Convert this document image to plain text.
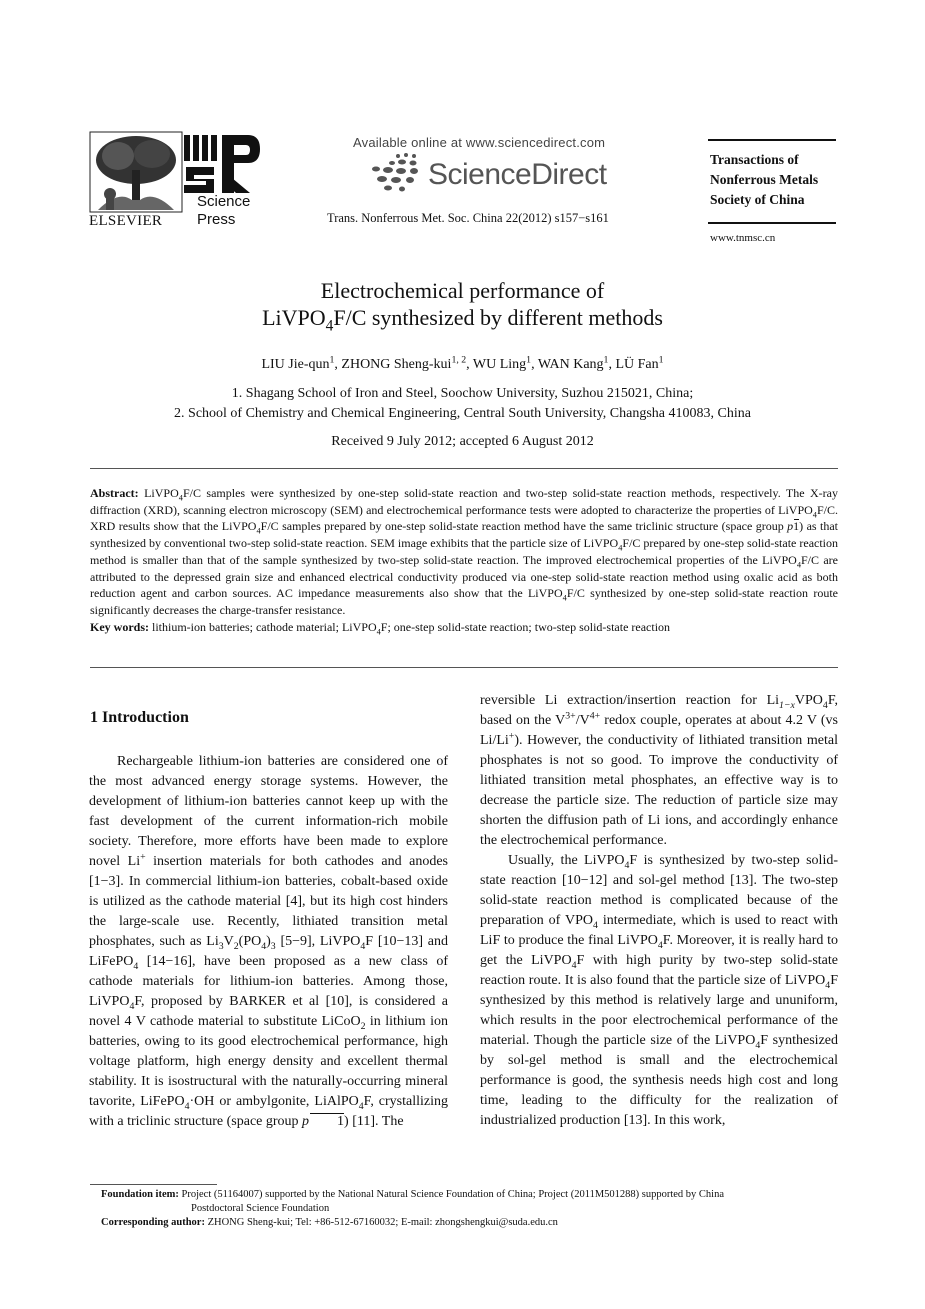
ELSEVIER
Science
Press
Available online at www.sciencedirect.com
ScienceDirect
Trans. Nonferrous Met. Soc. China 22(2012) s157−s161
Transactions of
Nonferrous Metals
Society of China
www.tnmsc.cn
Electrochemical performance of
LiVPO$_4$F/C synthesized by different methods
LIU Jie-qun$^1$, ZHONG Sheng-kui$^{1, 2}$, WU Ling$^1$, WAN Kang$^1$, LÜ Fan$^1$
1. Shagang School of Iron and Steel, Soochow University, Suzhou 215021, China;
2. School of Chemistry and Chemical Engineering, Central South University, Changsha 410083, China
Received 9 July 2012; accepted 6 August 2012

Abstract: LiVPO$_4$F/C samples were synthesized by one-step solid-state reaction and two-step solid-state reaction methods, respectively. The X-ray diffraction (XRD), scanning electron microscopy (SEM) and electrochemical performance tests were adopted to characterize the properties of LiVPO$_4$F/C. XRD results show that the LiVPO$_4$F/C samples prepared by one-step solid-state reaction method have the same triclinic structure (space group p1) as that synthesized by conventional two-step solid-state reaction. SEM image exhibits that the particle size of LiVPO$_4$F/C prepared by one-step solid-state reaction method is smaller than that of the sample synthesized by two-step solid-state reaction. The improved electrochemical properties of the LiVPO$_4$F/C are attributed to the depressed grain size and enhanced electrical conductivity produced via one-step solid-state reaction method using oxalic acid as both reduction agent and carbon sources. AC impedance measurements also show that the LiVPO$_4$F/C synthesized by one-step solid-state reaction route significantly decreases the charge-transfer resistance.

Key words: lithium-ion batteries; cathode material; LiVPO$_4$F; one-step solid-state reaction; two-step solid-state reaction

1 Introduction

Rechargeable lithium-ion batteries are considered one of the most advanced energy storage systems. However, the development of lithium-ion batteries cannot keep up with the fast development of the current information-rich mobile society. Therefore, more efforts have been made to explore novel Li+ insertion materials for both cathodes and anodes [1−3]. In commercial lithium-ion batteries, cobalt-based oxide is utilized as the cathode material [4], but its high cost hinders the large-scale use. Recently, lithiated transition metal phosphates, such as $Li_3V_2(PO_4)_3$ [5−9], LiVPO$_4$F [10−13] and LiFePO$_4$ [14−16], have been proposed as a new class of cathode materials for lithium-ion batteries. Among those, LiVPO$_4$F, proposed by BARKER et al [10], is considered a novel 4 V cathode material to substitute LiCoO$_2$ in lithium ion batteries, owing to its good electrochemical performance, high voltage platform, high energy density and excellent thermal stability. It is isostructural with the naturally-occurring mineral tavorite, LiFePO$_4$·OH or ambylgonite, LiAlPO$_4$F, crystallizing with a triclinic structure (space group p 1) [11]. The

reversible Li extraction/insertion reaction for $Li_{1-x}VPO_4F$, based on the $V^{3+}/V^{4+}$ redox couple, operates at about 4.2 V (vs Li/Li+). However, the conductivity of lithiated transition metal phosphates is not so good. To improve the conductivity of lithiated transition metal phosphates, an effective way is to decrease the particle size. The reduction of particle size may shorten the diffusion path of Li ions, and accordingly enhance the electrochemical performance.

Usually, the LiVPO$_4$F is synthesized by two-step solid-state reaction [10−12] and sol-gel method [13]. The two-step solid-state reaction method is complicated because of the preparation of $VPO_4$ intermediate, which is used to react with LiF to produce the final LiVPO$_4$F. Moreover, it is really hard to get the LiVPO$_4$F with high purity by two-step solid-state reaction route. It is also found that the particle size of LiVPO$_4$F synthesized by this method is relatively large and ununiform, which results in the poor electrochemical performance of the material. Though the particle size of the LiVPO$_4$F synthesized by sol-gel method is small and the electrochemical performance is good, the synthesis needs high cost and long time, leading to the difficulty for the realization of industrialized production [13]. In this work,

Foundation item: Project (51164007) supported by the National Natural Science Foundation of China; Project (2011M501288) supported by China

Postdoctoral Science Foundation

Corresponding author: ZHONG Sheng-kui; Tel: +86-512-67160032; E-mail: zhongshengkui@suda.edu.cn
